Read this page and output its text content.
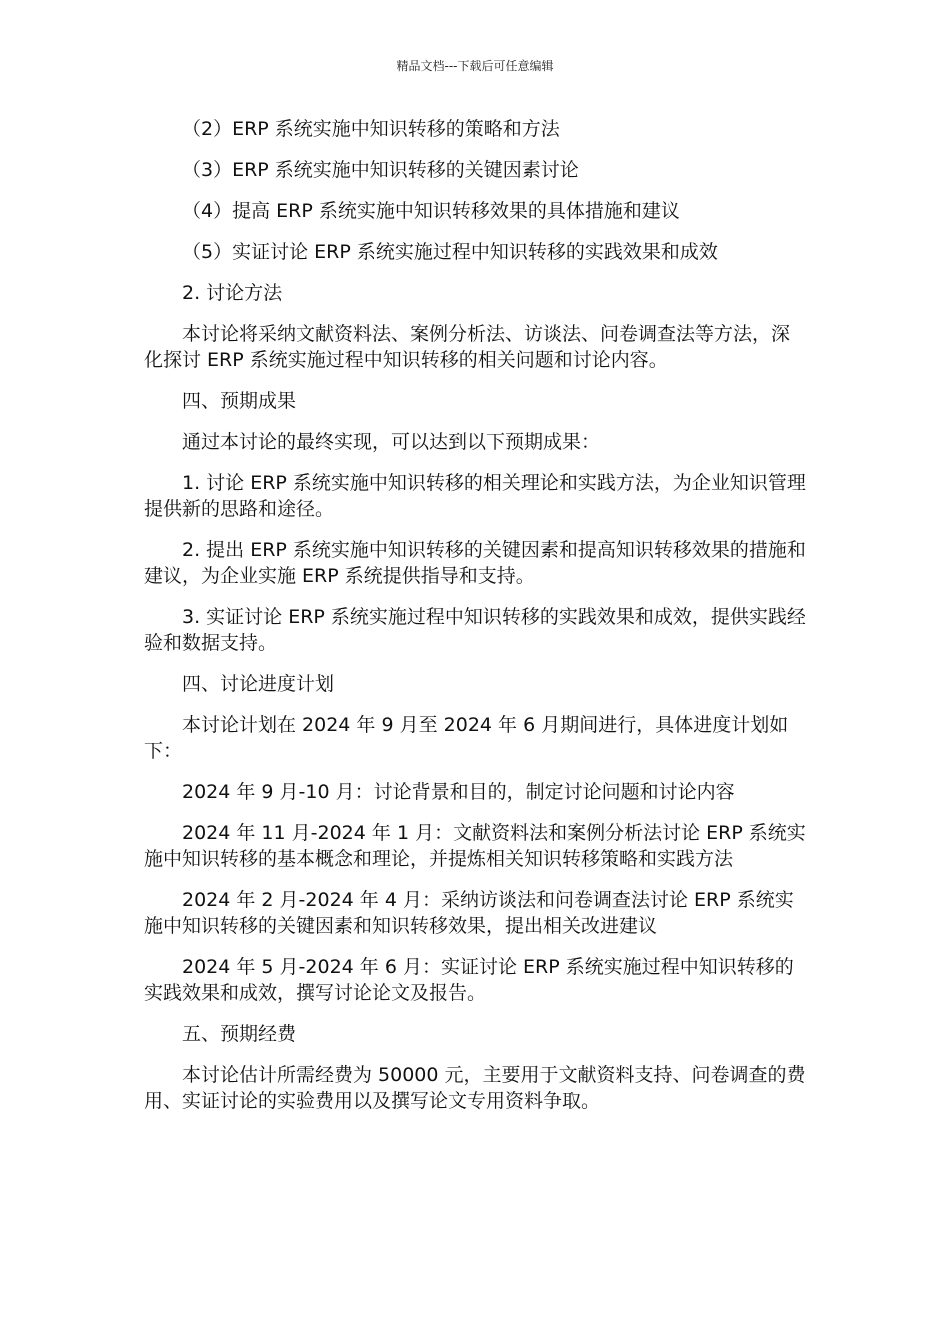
精品文档---下载后可任意编辑

（2）ERP 系统实施中知识转移的策略和方法

（3）ERP 系统实施中知识转移的关键因素讨论

（4）提高 ERP 系统实施中知识转移效果的具体措施和建议

（5）实证讨论 ERP 系统实施过程中知识转移的实践效果和成效

2. 讨论方法

本讨论将采纳文献资料法、案例分析法、访谈法、问卷调查法等方法，深化探讨 ERP 系统实施过程中知识转移的相关问题和讨论内容。

四、预期成果

通过本讨论的最终实现，可以达到以下预期成果：

1. 讨论 ERP 系统实施中知识转移的相关理论和实践方法，为企业知识管理提供新的思路和途径。

2. 提出 ERP 系统实施中知识转移的关键因素和提高知识转移效果的措施和建议，为企业实施 ERP 系统提供指导和支持。

3. 实证讨论 ERP 系统实施过程中知识转移的实践效果和成效，提供实践经验和数据支持。

四、讨论进度计划

本讨论计划在 2024 年 9 月至 2024 年 6 月期间进行，具体进度计划如下：

2024 年 9 月-10 月：讨论背景和目的，制定讨论问题和讨论内容

2024 年 11 月-2024 年 1 月：文献资料法和案例分析法讨论 ERP 系统实施中知识转移的基本概念和理论，并提炼相关知识转移策略和实践方法

2024 年 2 月-2024 年 4 月：采纳访谈法和问卷调查法讨论 ERP 系统实施中知识转移的关键因素和知识转移效果，提出相关改进建议

2024 年 5 月-2024 年 6 月：实证讨论 ERP 系统实施过程中知识转移的实践效果和成效，撰写讨论论文及报告。

五、预期经费

本讨论估计所需经费为 50000 元，主要用于文献资料支持、问卷调查的费用、实证讨论的实验费用以及撰写论文专用资料争取。
